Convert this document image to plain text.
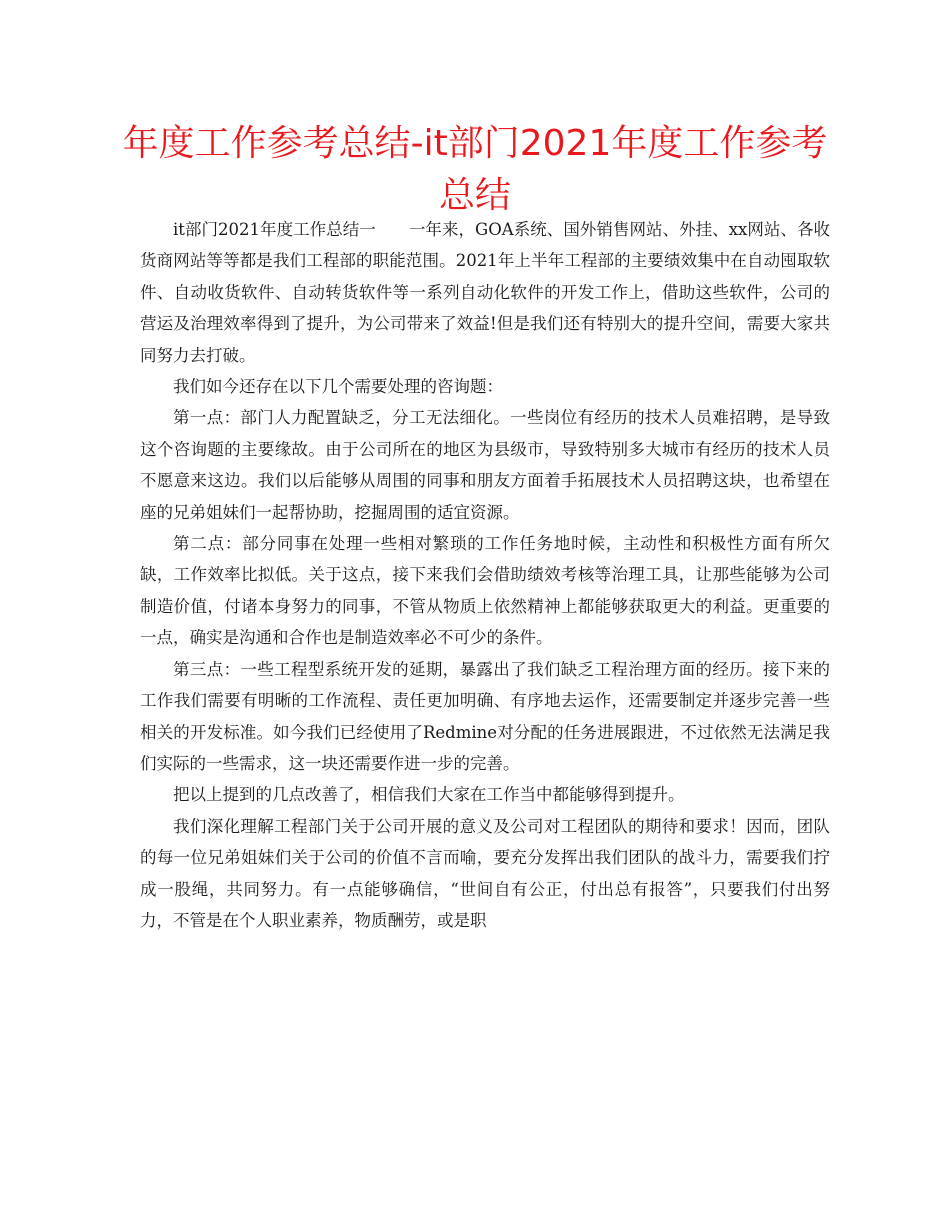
年度工作参考总结-it部门2021年度工作参考总结

it部门2021年度工作总结一　　一年来，GOA系统、国外销售网站、外挂、xx网站、各收货商网站等等都是我们工程部的职能范围。2021年上半年工程部的主要绩效集中在自动囤取软件、自动收货软件、自动转货软件等一系列自动化软件的开发工作上，借助这些软件，公司的营运及治理效率得到了提升，为公司带来了效益!但是我们还有特别大的提升空间，需要大家共同努力去打破。

我们如今还存在以下几个需要处理的咨询题：

第一点：部门人力配置缺乏，分工无法细化。一些岗位有经历的技术人员难招聘，是导致这个咨询题的主要缘故。由于公司所在的地区为县级市，导致特别多大城市有经历的技术人员不愿意来这边。我们以后能够从周围的同事和朋友方面着手拓展技术人员招聘这块，也希望在座的兄弟姐妹们一起帮协助，挖掘周围的适宜资源。

第二点：部分同事在处理一些相对繁琐的工作任务地时候，主动性和积极性方面有所欠缺，工作效率比拟低。关于这点，接下来我们会借助绩效考核等治理工具，让那些能够为公司制造价值，付诸本身努力的同事，不管从物质上依然精神上都能够获取更大的利益。更重要的一点，确实是沟通和合作也是制造效率必不可少的条件。

第三点：一些工程型系统开发的延期，暴露出了我们缺乏工程治理方面的经历。接下来的工作我们需要有明晰的工作流程、责任更加明确、有序地去运作，还需要制定并逐步完善一些相关的开发标准。如今我们已经使用了Redmine对分配的任务进展跟进，不过依然无法满足我们实际的一些需求，这一块还需要作进一步的完善。

把以上提到的几点改善了，相信我们大家在工作当中都能够得到提升。

我们深化理解工程部门关于公司开展的意义及公司对工程团队的期待和要求！因而，团队的每一位兄弟姐妹们关于公司的价值不言而喻，要充分发挥出我们团队的战斗力，需要我们拧成一股绳，共同努力。有一点能够确信，“世间自有公正，付出总有报答”，只要我们付出努力，不管是在个人职业素养，物质酬劳，或是职
